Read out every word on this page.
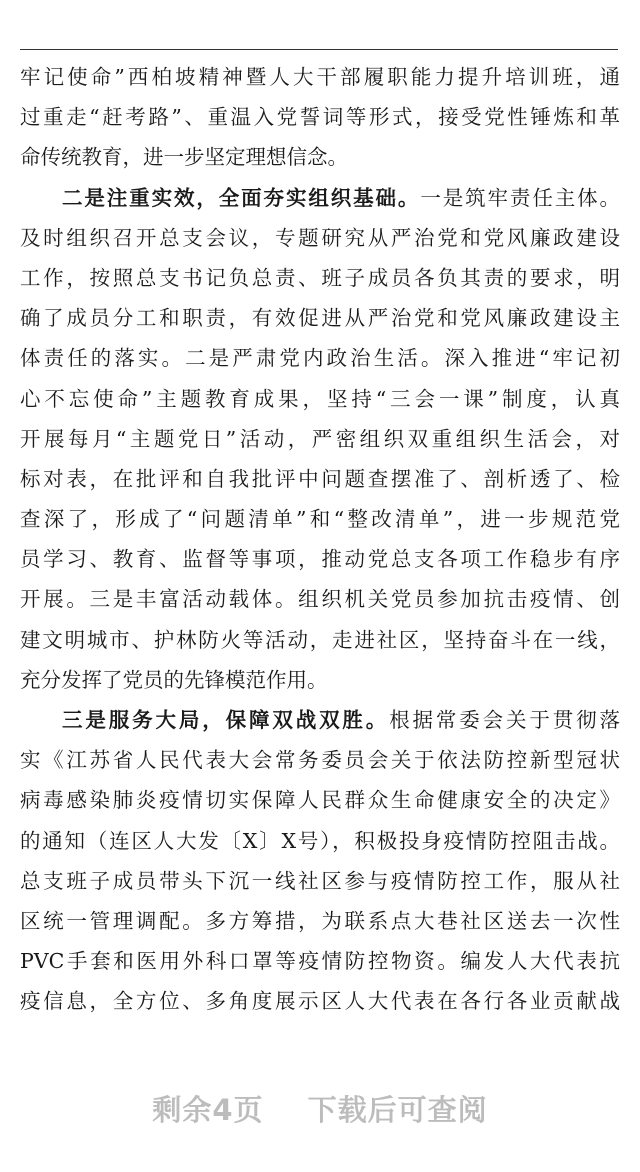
牢记使命”西柏坡精神暨人大干部履职能力提升培训班，通
过重走“赶考路”、重温入党誓词等形式，接受党性锤炼和革
命传统教育，进一步坚定理想信念。
二是注重实效，全面夯实组织基础。一是筑牢责任主体。
及时组织召开总支会议，专题研究从严治党和党风廉政建设
工作，按照总支书记负总责、班子成员各负其责的要求，明
确了成员分工和职责，有效促进从严治党和党风廉政建设主
体责任的落实。二是严肃党内政治生活。深入推进“牢记初
心不忘使命”主题教育成果，坚持“三会一课”制度，认真
开展每月“主题党日”活动，严密组织双重组织生活会，对
标对表，在批评和自我批评中问题查摆准了、剖析透了、检
查深了，形成了“问题清单”和“整改清单”，进一步规范党
员学习、教育、监督等事项，推动党总支各项工作稳步有序
开展。三是丰富活动载体。组织机关党员参加抗击疫情、创
建文明城市、护林防火等活动，走进社区，坚持奋斗在一线，
充分发挥了党员的先锋模范作用。
三是服务大局，保障双战双胜。根据常委会关于贯彻落
实《江苏省人民代表大会常务委员会关于依法防控新型冠状
病毒感染肺炎疫情切实保障人民群众生命健康安全的决定》
的通知（连区人大发〔X〕X号），积极投身疫情防控阻击战。
总支班子成员带头下沉一线社区参与疫情防控工作，服从社
区统一管理调配。多方筹措，为联系点大巷社区送去一次性
PVC手套和医用外科口罩等疫情防控物资。编发人大代表抗
疫信息，全方位、多角度展示区人大代表在各行各业贡献战
剩余4页 下载后可查阅
